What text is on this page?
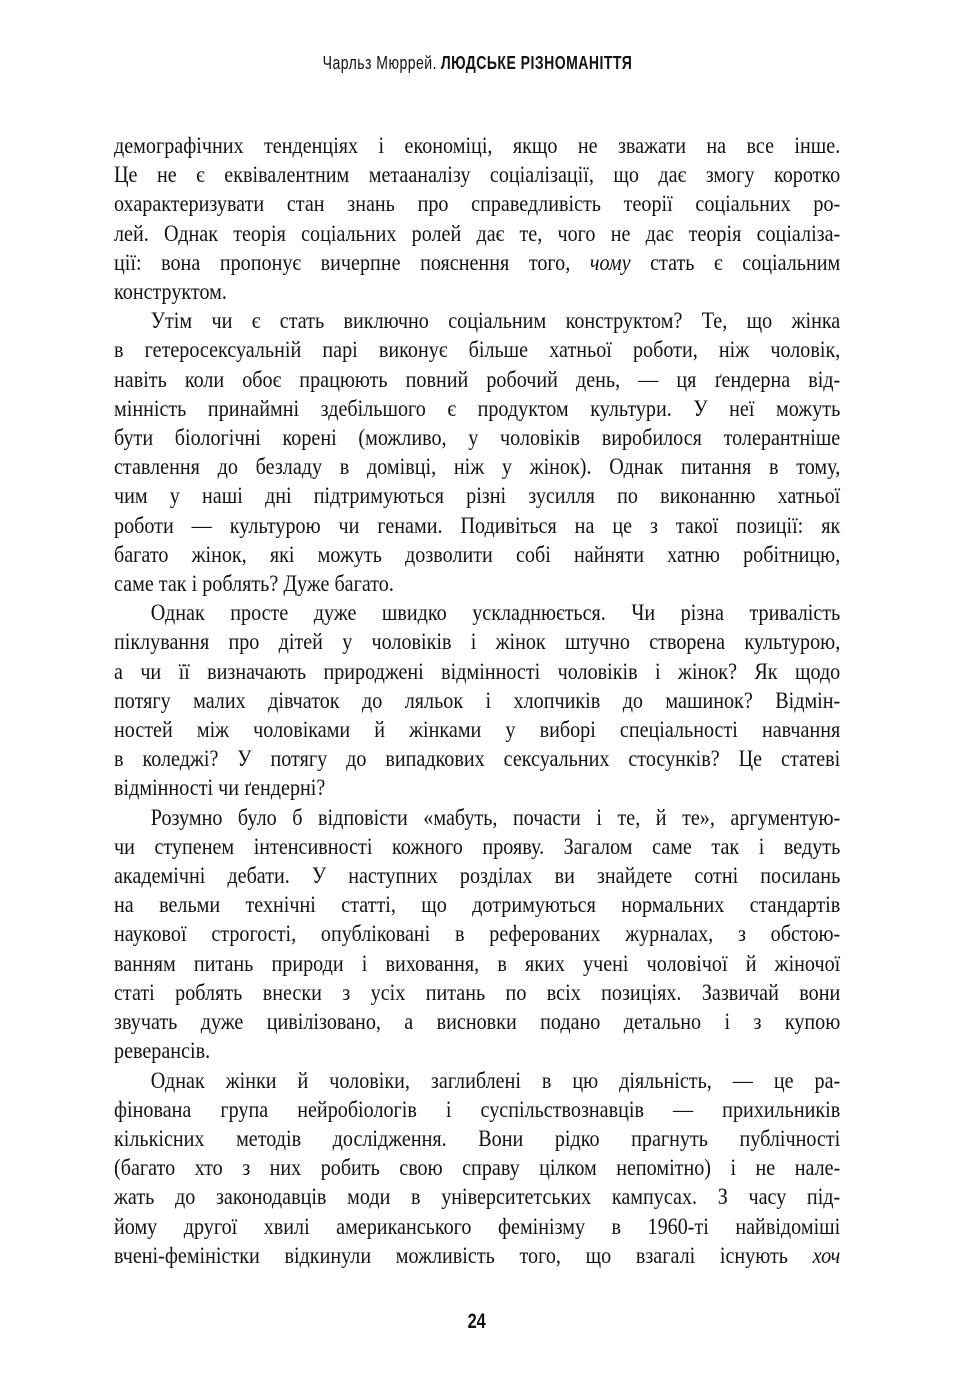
Чарльз Мюррей. ЛЮДСЬКЕ РІЗНОМАНІТТЯ
демографічних тенденціях і економіці, якщо не зважати на все інше.
Це не є еквівалентним метааналізу соціалізації, що дає змогу коротко
охарактеризувати стан знань про справедливість теорії соціальних ро-
лей. Однак теорія соціальних ролей дає те, чого не дає теорія соціаліза-
ції: вона пропонує вичерпне пояснення того, чому стать є соціальним
конструктом.
Утім чи є стать виключно соціальним конструктом? Те, що жінка
в гетеросексуальній парі виконує більше хатньої роботи, ніж чоловік,
навіть коли обоє працюють повний робочий день, — ця ґендерна від-
мінність принаймні здебільшого є продуктом культури. У неї можуть
бути біологічні корені (можливо, у чоловіків виробилося толерантніше
ставлення до безладу в домівці, ніж у жінок). Однак питання в тому,
чим у наші дні підтримуються різні зусилля по виконанню хатньої
роботи — культурою чи генами. Подивіться на це з такої позиції: як
багато жінок, які можуть дозволити собі найняти хатню робітницю,
саме так і роблять? Дуже багато.
Однак просте дуже швидко ускладнюється. Чи різна тривалість
піклування про дітей у чоловіків і жінок штучно створена культурою,
а чи її визначають природжені відмінності чоловіків і жінок? Як щодо
потягу малих дівчаток до ляльок і хлопчиків до машинок? Відмін-
ностей між чоловіками й жінками у виборі спеціальності навчання
в коледжі? У потягу до випадкових сексуальних стосунків? Це статеві
відмінності чи ґендерні?
Розумно було б відповісти «мабуть, почасти і те, й те», аргументую-
чи ступенем інтенсивності кожного прояву. Загалом саме так і ведуть
академічні дебати. У наступних розділах ви знайдете сотні посилань
на вельми технічні статті, що дотримуються нормальних стандартів
наукової строгості, опубліковані в реферованих журналах, з обстою-
ванням питань природи і виховання, в яких учені чоловічої й жіночої
статі роблять внески з усіх питань по всіх позиціях. Зазвичай вони
звучать дуже цивілізовано, а висновки подано детально і з купою
реверансів.
Однак жінки й чоловіки, заглиблені в цю діяльність, — це ра-
фінована група нейробіологів і суспільствознавців — прихильників
кількісних методів дослідження. Вони рідко прагнуть публічності
(багато хто з них робить свою справу цілком непомітно) і не нале-
жать до законодавців моди в університетських кампусах. З часу під-
йому другої хвилі американського фемінізму в 1960-ті найвідоміші
вчені-феміністки відкинули можливість того, що взагалі існують хоч
24
